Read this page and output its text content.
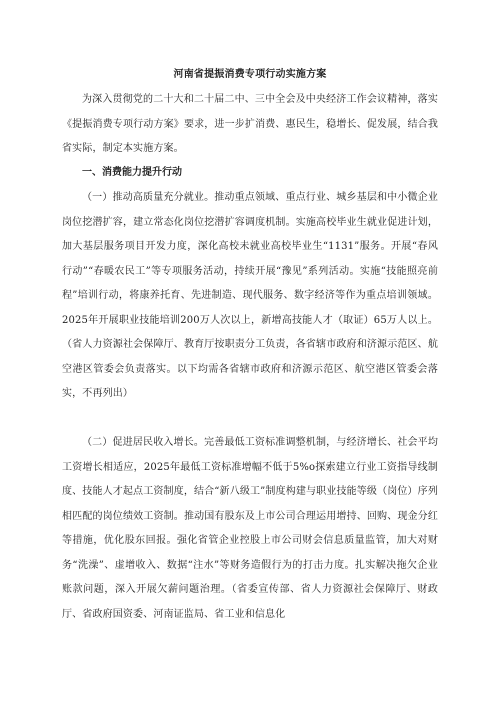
河南省提振消费专项行动实施方案

为深入贯彻党的二十大和二十届二中、三中全会及中央经济工作会议精神，落实《提振消费专项行动方案》要求，进一步扩消费、惠民生，稳增长、促发展，结合我省实际，制定本实施方案。

一、消费能力提升行动

（一）推动高质量充分就业。推动重点领域、重点行业、城乡基层和中小微企业岗位挖潜扩容，建立常态化岗位挖潜扩容调度机制。实施高校毕业生就业促进计划，加大基层服务项目开发力度，深化高校未就业高校毕业生“1131”服务。开展“春风行动”“春暖农民工”等专项服务活动，持续开展“豫见”系列活动。实施“技能照亮前程”培训行动，将康养托育、先进制造、现代服务、数字经济等作为重点培训领域。2025年开展职业技能培训200万人次以上，新增高技能人才（取证）65万人以上。（省人力资源社会保障厅、教育厅按职责分工负责，各省辖市政府和济源示范区、航空港区管委会负责落实。以下均需各省辖市政府和济源示范区、航空港区管委会落实，不再列出）

（二）促进居民收入增长。完善最低工资标准调整机制，与经济增长、社会平均工资增长相适应，2025年最低工资标准增幅不低于5%o探索建立行业工资指导线制度、技能人才起点工资制度，结合“新八级工”制度构建与职业技能等级（岗位）序列相匹配的岗位绩效工资制。推动国有股东及上市公司合理运用增持、回购、现金分红等措施，优化股东回报。强化省管企业控股上市公司财会信息质量监管，加大对财务“洗澡”、虚增收入、数据“注水”等财务造假行为的打击力度。扎实解决拖欠企业账款问题，深入开展欠薪问题治理。（省委宣传部、省人力资源社会保障厅、财政厅、省政府国资委、河南证监局、省工业和信息化
